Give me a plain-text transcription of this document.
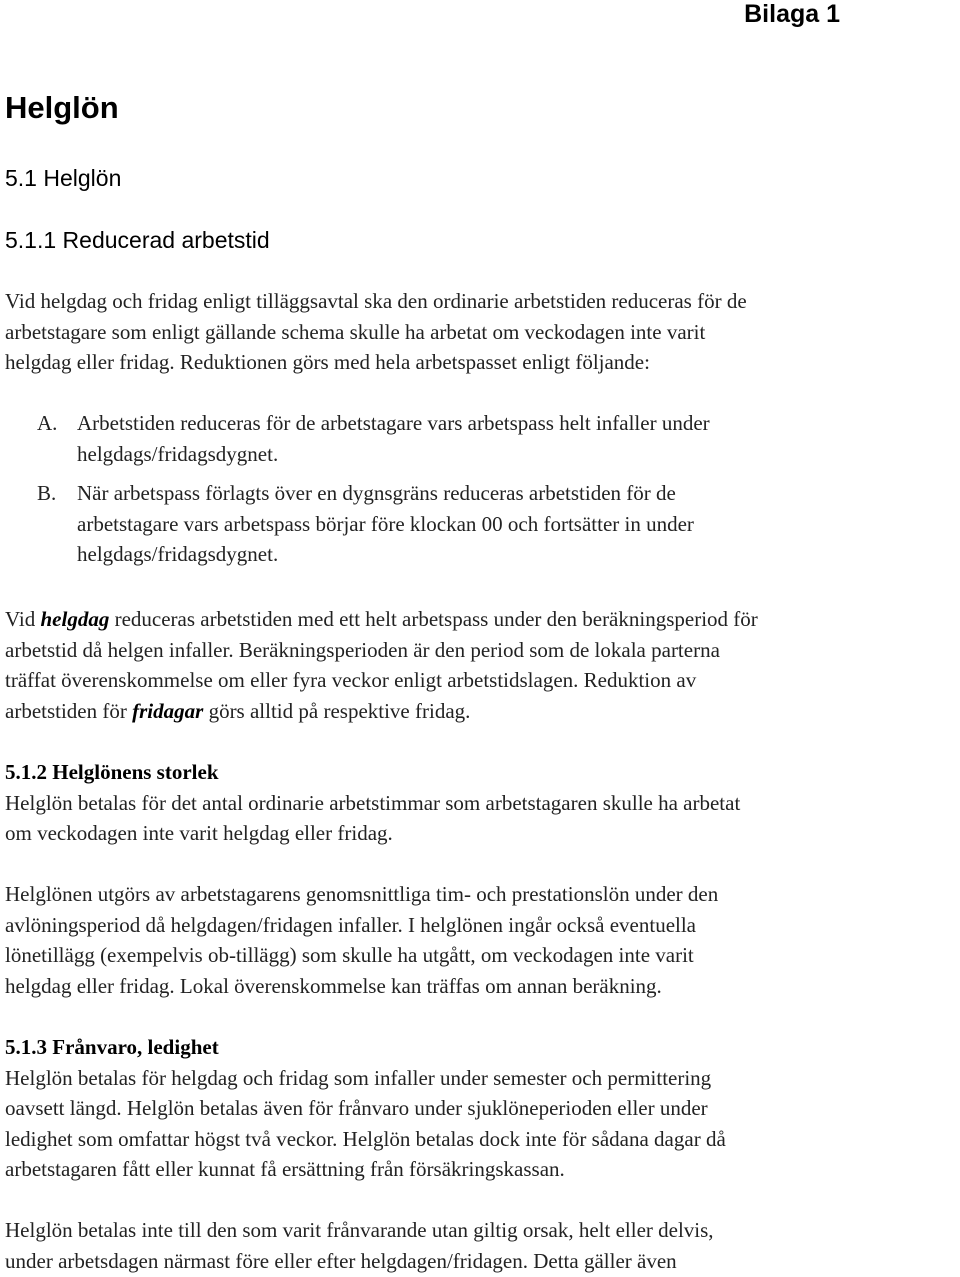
Bilaga 1
Helglön
5.1 Helglön
5.1.1 Reducerad arbetstid

Vid helgdag och fridag enligt tilläggsavtal ska den ordinarie arbetstiden reduceras för de

arbetstagare som enligt gällande schema skulle ha arbetat om veckodagen inte varit

helgdag eller fridag. Reduktionen görs med hela arbetspasset enligt följande:

A. Arbetstiden reduceras för de arbetstagare vars arbetspass helt infaller under

helgdags/fridagsdygnet.

B. När arbetspass förlagts över en dygnsgräns reduceras arbetstiden för de

arbetstagare vars arbetspass börjar före klockan 00 och fortsätter in under

helgdags/fridagsdygnet.

Vid helgdag reduceras arbetstiden med ett helt arbetspass under den beräkningsperiod för

arbetstid då helgen infaller. Beräkningsperioden är den period som de lokala parterna

träffat överenskommelse om eller fyra veckor enligt arbetstidslagen. Reduktion av

arbetstiden för fridagar görs alltid på respektive fridag.

5.1.2 Helglönens storlek

Helglön betalas för det antal ordinarie arbetstimmar som arbetstagaren skulle ha arbetat

om veckodagen inte varit helgdag eller fridag.

Helglönen utgörs av arbetstagarens genomsnittliga tim- och prestationslön under den

avlöningsperiod då helgdagen/fridagen infaller. I helglönen ingår också eventuella

lönetillägg (exempelvis ob-tillägg) som skulle ha utgått, om veckodagen inte varit

helgdag eller fridag. Lokal överenskommelse kan träffas om annan beräkning.

5.1.3 Frånvaro, ledighet

Helglön betalas för helgdag och fridag som infaller under semester och permittering

oavsett längd. Helglön betalas även för frånvaro under sjuklöneperioden eller under

ledighet som omfattar högst två veckor. Helglön betalas dock inte för sådana dagar då

arbetstagaren fått eller kunnat få ersättning från försäkringskassan.

Helglön betalas inte till den som varit frånvarande utan giltig orsak, helt eller delvis,

under arbetsdagen närmast före eller efter helgdagen/fridagen. Detta gäller även
